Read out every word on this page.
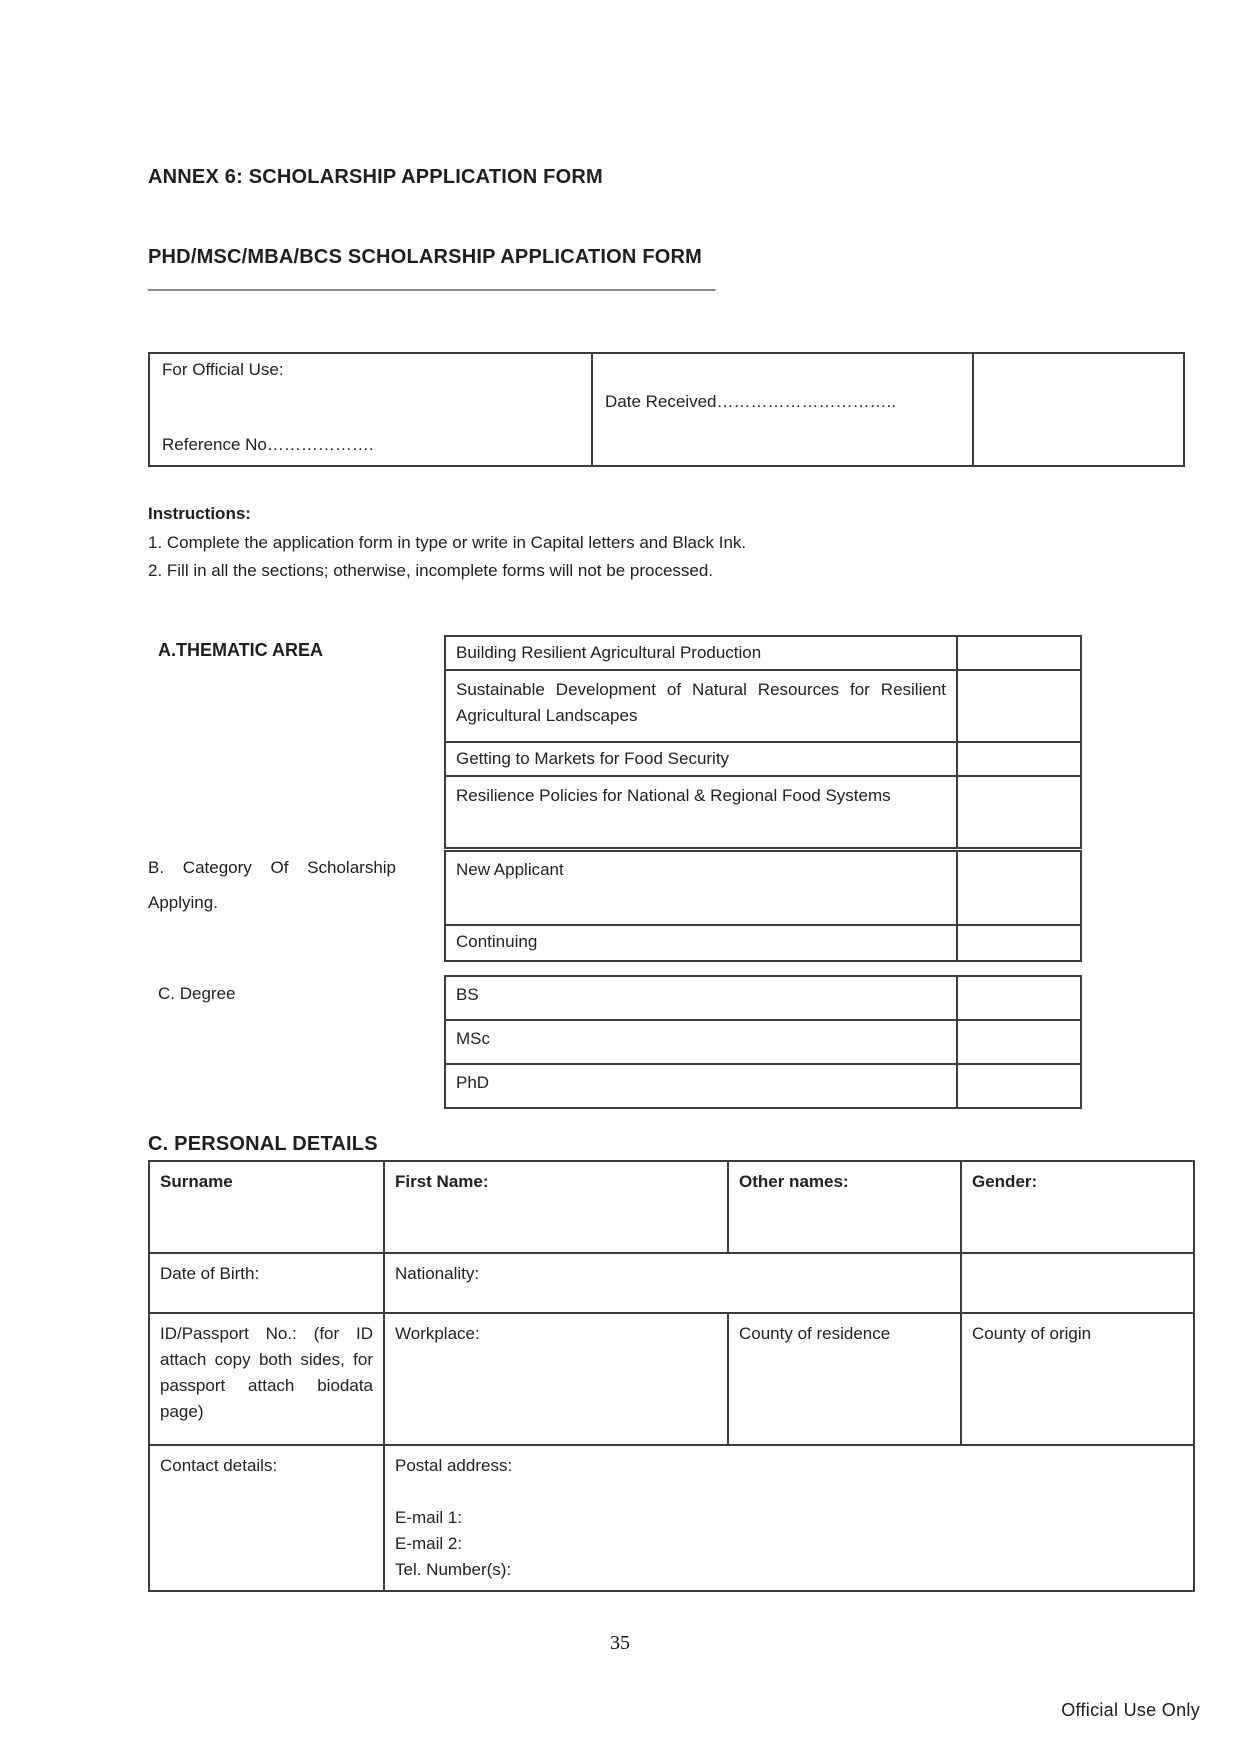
ANNEX 6: SCHOLARSHIP APPLICATION FORM
PHD/MSC/MBA/BCS SCHOLARSHIP APPLICATION FORM
____________________________________________________________
For Official Use:
Reference No……………….

Date Received…………………………..

Instructions:
1. Complete the application form in type or write in Capital letters and Black Ink.
2. Fill in all the sections; otherwise, incomplete forms will not be processed.
A.THEMATIC AREA	Building Resilient Agricultural Production	
Sustainable Development of Natural Resources for Resilient Agricultural Landscapes	
Getting to Markets for Food Security	
Resilience Policies for National & Regional Food Systems	
B. Category Of Scholarship Applying.
New Applicant	
Continuing	
C. Degree	BS	
MSc	
PhD	
C. PERSONAL DETAILS
Surname	First Name:	Other names:	Gender:
Date of Birth:	Nationality:		
ID/Passport No.: (for ID attach copy both sides, for passport attach biodata page)	Workplace:	County of residence	County of origin
Contact details:	Postal address:
E-mail 1:
E-mail 2:
Tel. Number(s):		
35
Official Use Only
